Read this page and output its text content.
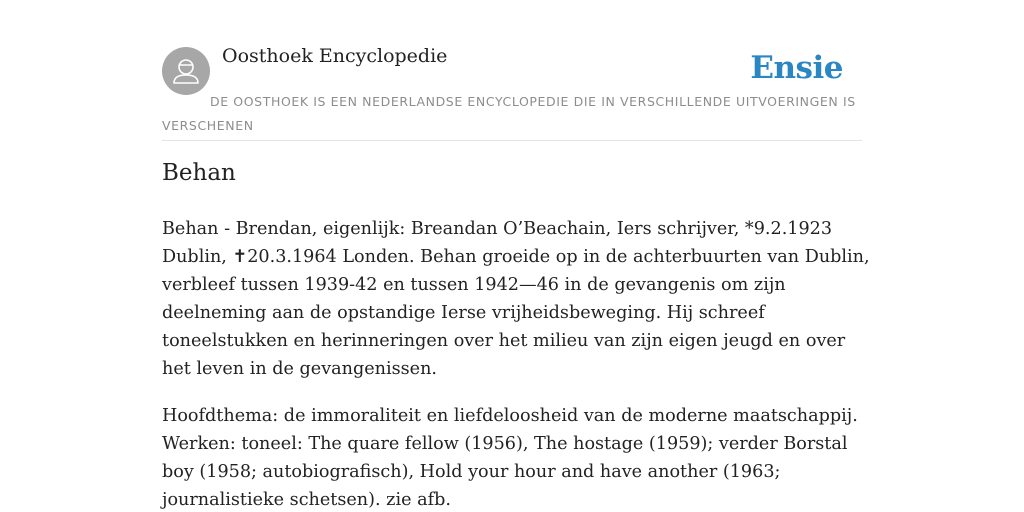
Oosthoek Encyclopedie	Ensie

DE OOSTHOEK IS EEN NEDERLANDSE ENCYCLOPEDIE DIE IN VERSCHILLENDE UITVOERINGEN IS VERSCHENEN

Behan

Behan - Brendan, eigenlijk: Breandan O’Beachain, Iers schrijver, *9.2.1923 Dublin, ✝20.3.1964 Londen. Behan groeide op in de achterbuurten van Dublin, verbleef tussen 1939-42 en tussen 1942—46 in de gevangenis om zijn deelneming aan de opstandige Ierse vrijheidsbeweging. Hij schreef toneelstukken en herinneringen over het milieu van zijn eigen jeugd en over het leven in de gevangenissen.

Hoofdthema: de immoraliteit en liefdeloosheid van de moderne maatschappij. Werken: toneel: The quare fellow (1956), The hostage (1959); verder Borstal boy (1958; autobiografisch), Hold your hour and have another (1963; journalistieke schetsen). zie afb.
